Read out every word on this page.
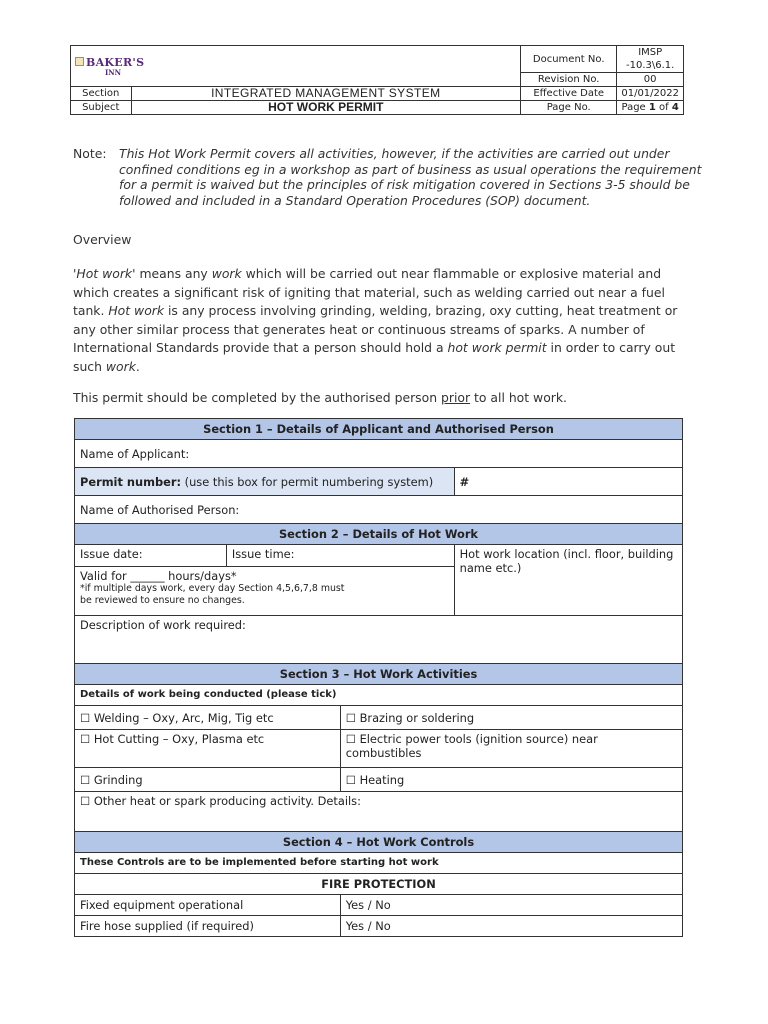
BAKER'S
INN		Document No.	IMSP -10.3\6.1.
		Revision No.	00
Section	INTEGRATED MANAGEMENT SYSTEM	Effective Date	01/01/2022
Subject	HOT WORK PERMIT	Page No.	Page 1 of 4
Note: This Hot Work Permit covers all activities, however, if the activities are carried out under confined conditions eg in a workshop as part of business as usual operations the requirement for a permit is waived but the principles of risk mitigation covered in Sections 3-5 should be followed and included in a Standard Operation Procedures (SOP) document.
Overview
'Hot work' means any work which will be carried out near flammable or explosive material and which creates a significant risk of igniting that material, such as welding carried out near a fuel tank. Hot work is any process involving grinding, welding, brazing, oxy cutting, heat treatment or any other similar process that generates heat or continuous streams of sparks. A number of International Standards provide that a person should hold a hot work permit in order to carry out such work.
This permit should be completed by the authorised person prior to all hot work.
Section 1 – Details of Applicant and Authorised Person			
Name of Applicant:			
Permit number: (use this box for permit numbering system)			#
Name of Authorised Person:			
Section 2 – Details of Hot Work			
Issue date:	Issue time:		Hot work location (incl. floor, building name etc.)

Valid for ______ hours/days*
*if multiple days work, every day Section 4,5,6,7,8 must be reviewed to ensure no changes.			

Description of work required:			
Section 3 – Hot Work Activities			
Details of work being conducted (please tick)			
☐ Welding – Oxy, Arc, Mig, Tig etc		☐ Brazing or soldering	
☐ Hot Cutting – Oxy, Plasma etc		☐ Electric power tools (ignition source) near combustibles	
☐ Grinding		☐ Heating	
☐ Other heat or spark producing activity. Details:			
Section 4 – Hot Work Controls			
These Controls are to be implemented before starting hot work			
FIRE PROTECTION			
Fixed equipment operational		Yes / No	
Fire hose supplied (if required)		Yes / No	
